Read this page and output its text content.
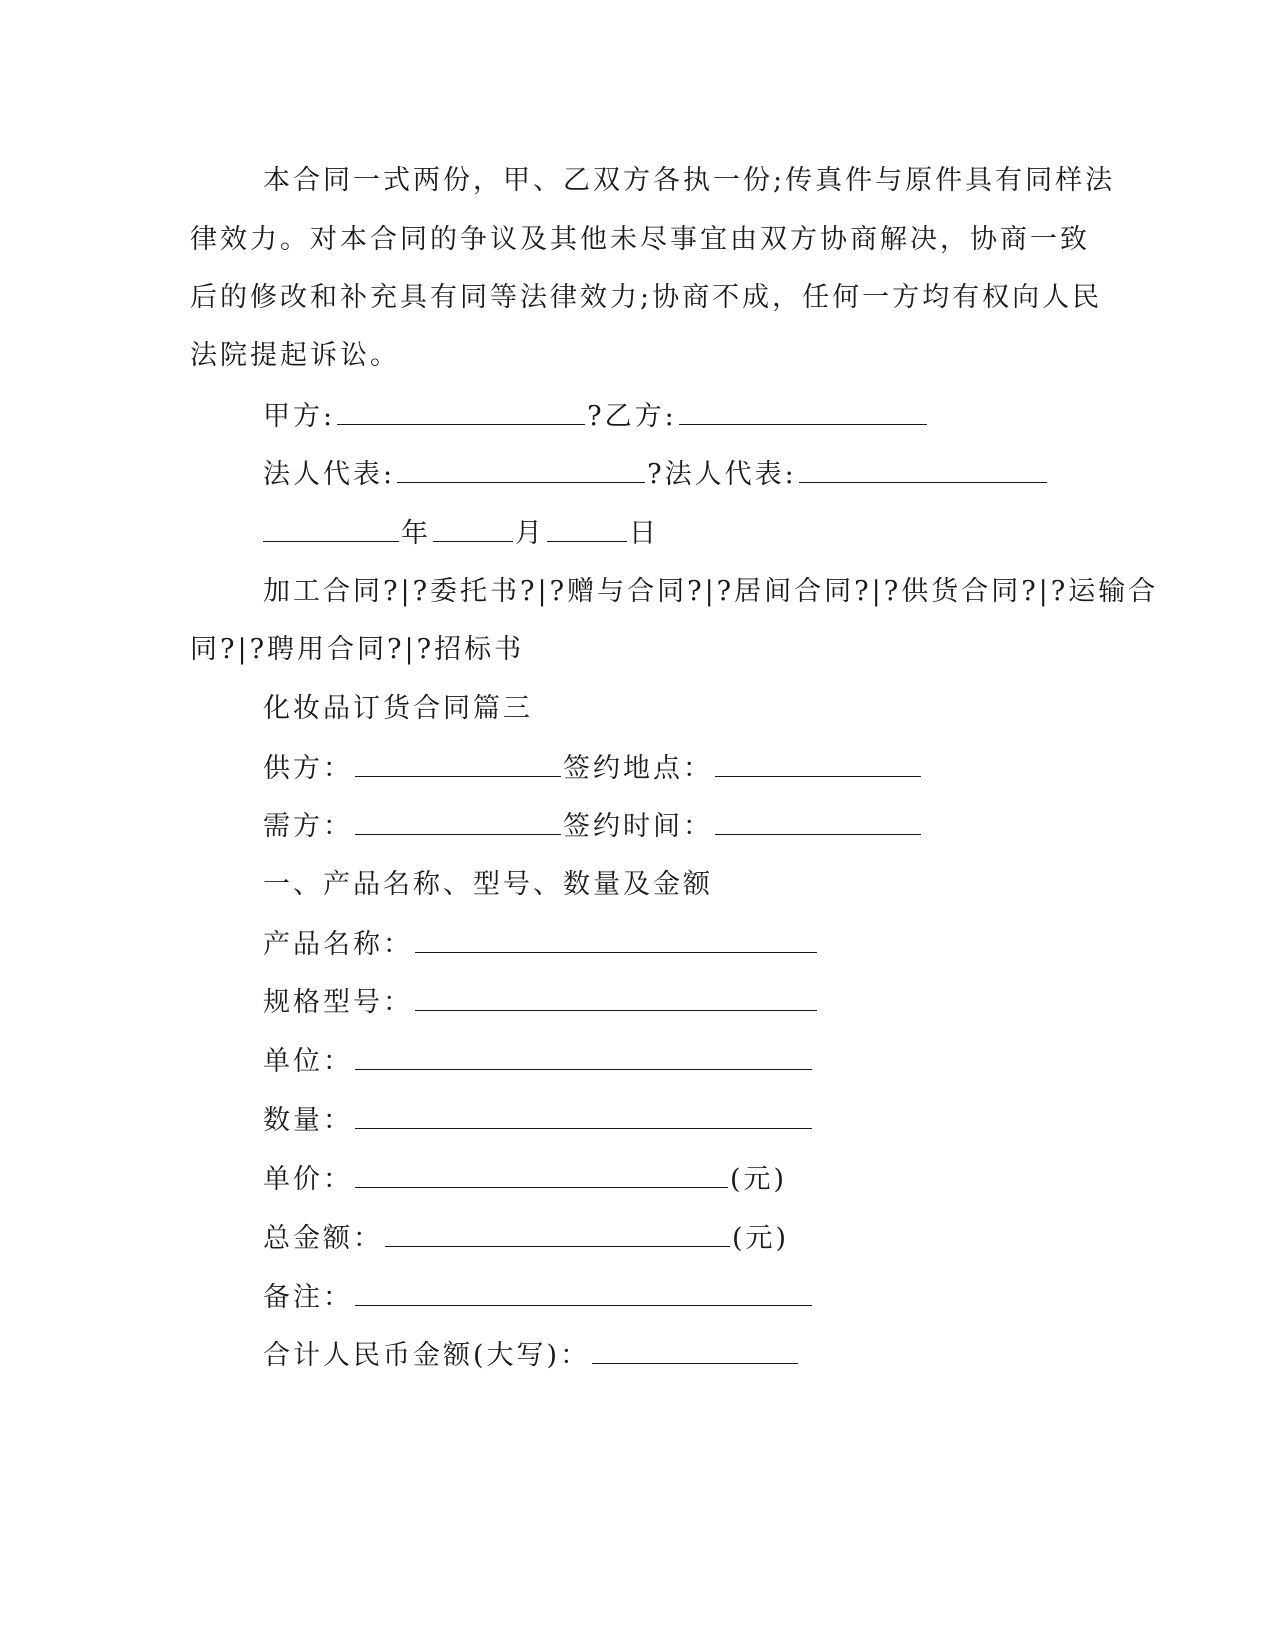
本合同一式两份，甲、乙双方各执一份;传真件与原件具有同样法
律效力。对本合同的争议及其他未尽事宜由双方协商解决，协商一致
后的修改和补充具有同等法律效力;协商不成，任何一方均有权向人民
法院提起诉讼。
甲方:	?乙方:
法人代表:	?法人代表:
年	月	日
加工合同?|?委托书?|?赠与合同?|?居间合同?|?供货合同?|?运输合
同?|?聘用合同?|?招标书
化妆品订货合同篇三
供方：	签约地点：
需方：	签约时间：
一、产品名称、型号、数量及金额
产品名称：
规格型号：
单位：
数量：
单价：	(元)
总金额：	(元)
备注：
合计人民币金额(大写)：
